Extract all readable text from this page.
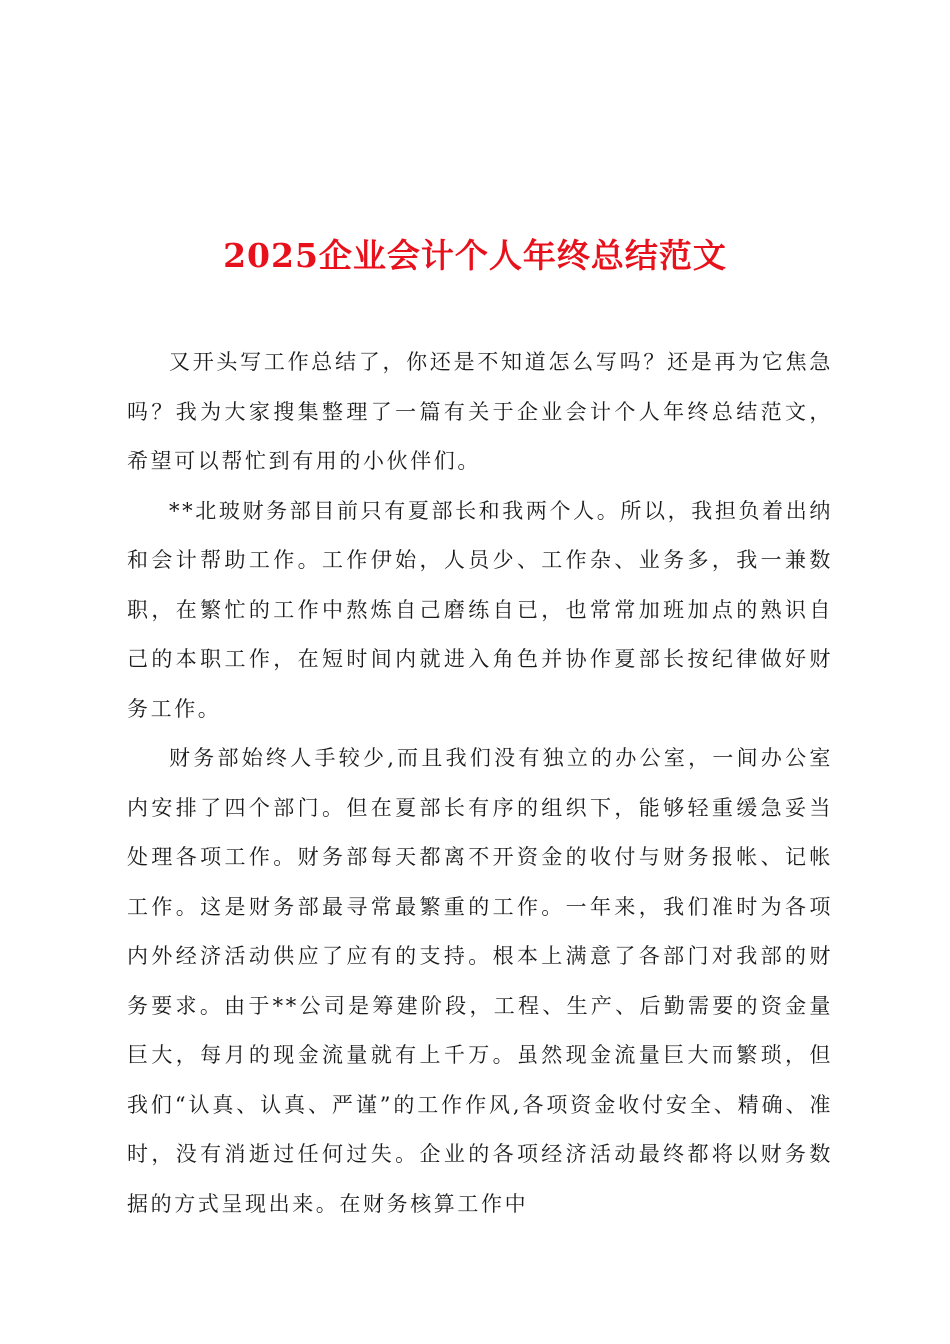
2025企业会计个人年终总结范文

又开头写工作总结了，你还是不知道怎么写吗？还是再为它焦急吗？我为大家搜集整理了一篇有关于企业会计个人年终总结范文，希望可以帮忙到有用的小伙伴们。

**北玻财务部目前只有夏部长和我两个人。所以，我担负着出纳和会计帮助工作。工作伊始，人员少、工作杂、业务多，我一兼数职，在繁忙的工作中熬炼自己磨练自已，也常常加班加点的熟识自己的本职工作，在短时间内就进入角色并协作夏部长按纪律做好财务工作。

财务部始终人手较少,而且我们没有独立的办公室，一间办公室内安排了四个部门。但在夏部长有序的组织下，能够轻重缓急妥当处理各项工作。财务部每天都离不开资金的收付与财务报帐、记帐工作。这是财务部最寻常最繁重的工作。一年来，我们准时为各项内外经济活动供应了应有的支持。根本上满意了各部门对我部的财务要求。由于**公司是筹建阶段，工程、生产、后勤需要的资金量巨大，每月的现金流量就有上千万。虽然现金流量巨大而繁琐，但我们“认真、认真、严谨”的工作作风,各项资金收付安全、精确、准时，没有消逝过任何过失。企业的各项经济活动最终都将以财务数据的方式呈现出来。在财务核算工作中
